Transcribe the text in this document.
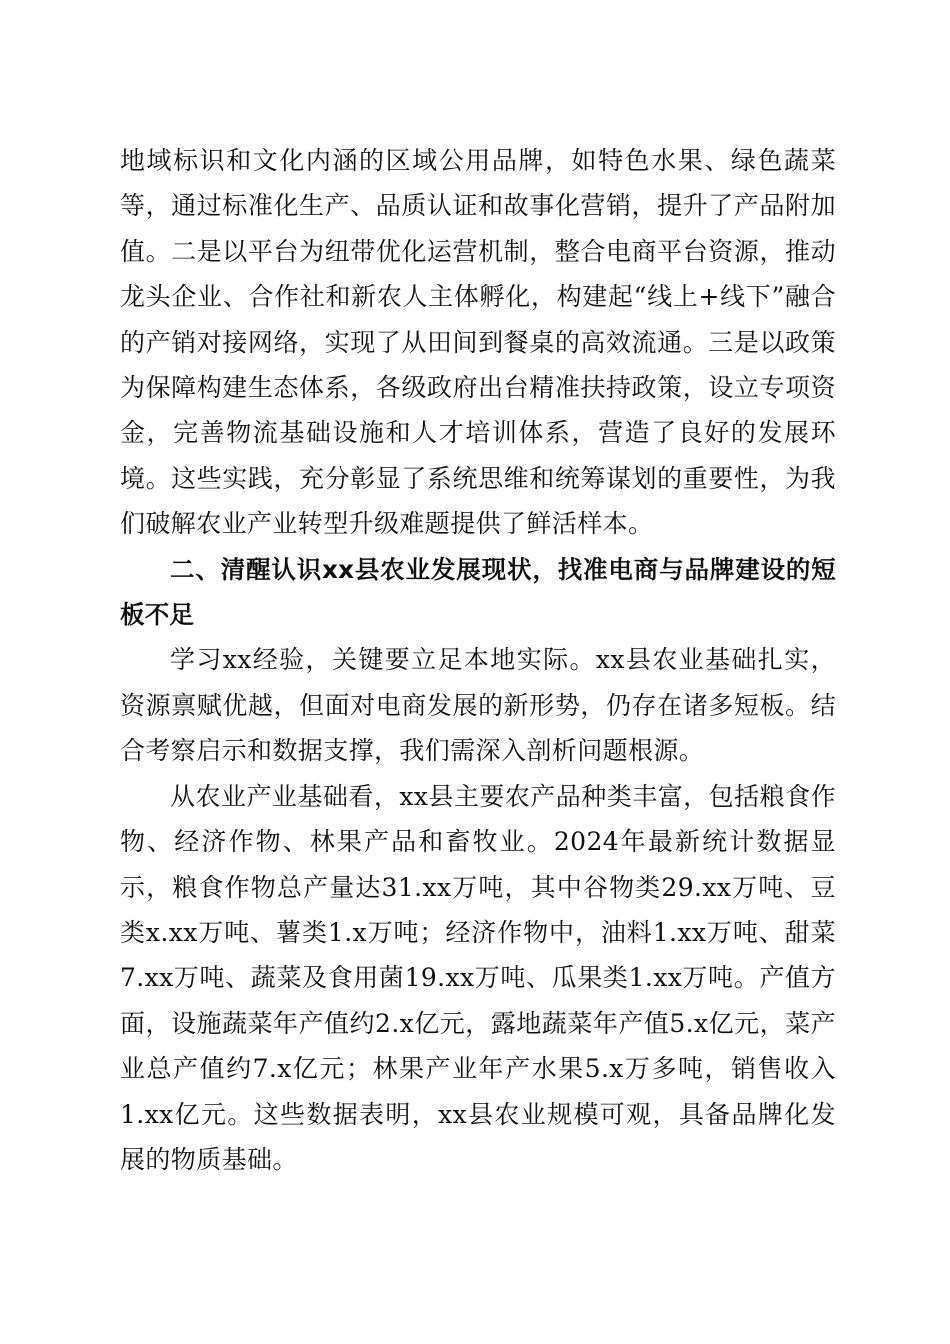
地域标识和文化内涵的区域公用品牌，如特色水果、绿色蔬菜等，通过标准化生产、品质认证和故事化营销，提升了产品附加值。二是以平台为纽带优化运营机制，整合电商平台资源，推动龙头企业、合作社和新农人主体孵化，构建起“线上+线下”融合的产销对接网络，实现了从田间到餐桌的高效流通。三是以政策为保障构建生态体系，各级政府出台精准扶持政策，设立专项资金，完善物流基础设施和人才培训体系，营造了良好的发展环境。这些实践，充分彰显了系统思维和统筹谋划的重要性，为我们破解农业产业转型升级难题提供了鲜活样本。

二、清醒认识xx县农业发展现状，找准电商与品牌建设的短板不足

学习xx经验，关键要立足本地实际。xx县农业基础扎实，资源禀赋优越，但面对电商发展的新形势，仍存在诸多短板。结合考察启示和数据支撑，我们需深入剖析问题根源。

从农业产业基础看，xx县主要农产品种类丰富，包括粮食作物、经济作物、林果产品和畜牧业。2024年最新统计数据显示，粮食作物总产量达31.xx万吨，其中谷物类29.xx万吨、豆类x.xx万吨、薯类1.x万吨；经济作物中，油料1.xx万吨、甜菜7.xx万吨、蔬菜及食用菌19.xx万吨、瓜果类1.xx万吨。产值方面，设施蔬菜年产值约2.x亿元，露地蔬菜年产值5.x亿元，菜产业总产值约7.x亿元；林果产业年产水果5.x万多吨，销售收入1.xx亿元。这些数据表明，xx县农业规模可观，具备品牌化发展的物质基础。
